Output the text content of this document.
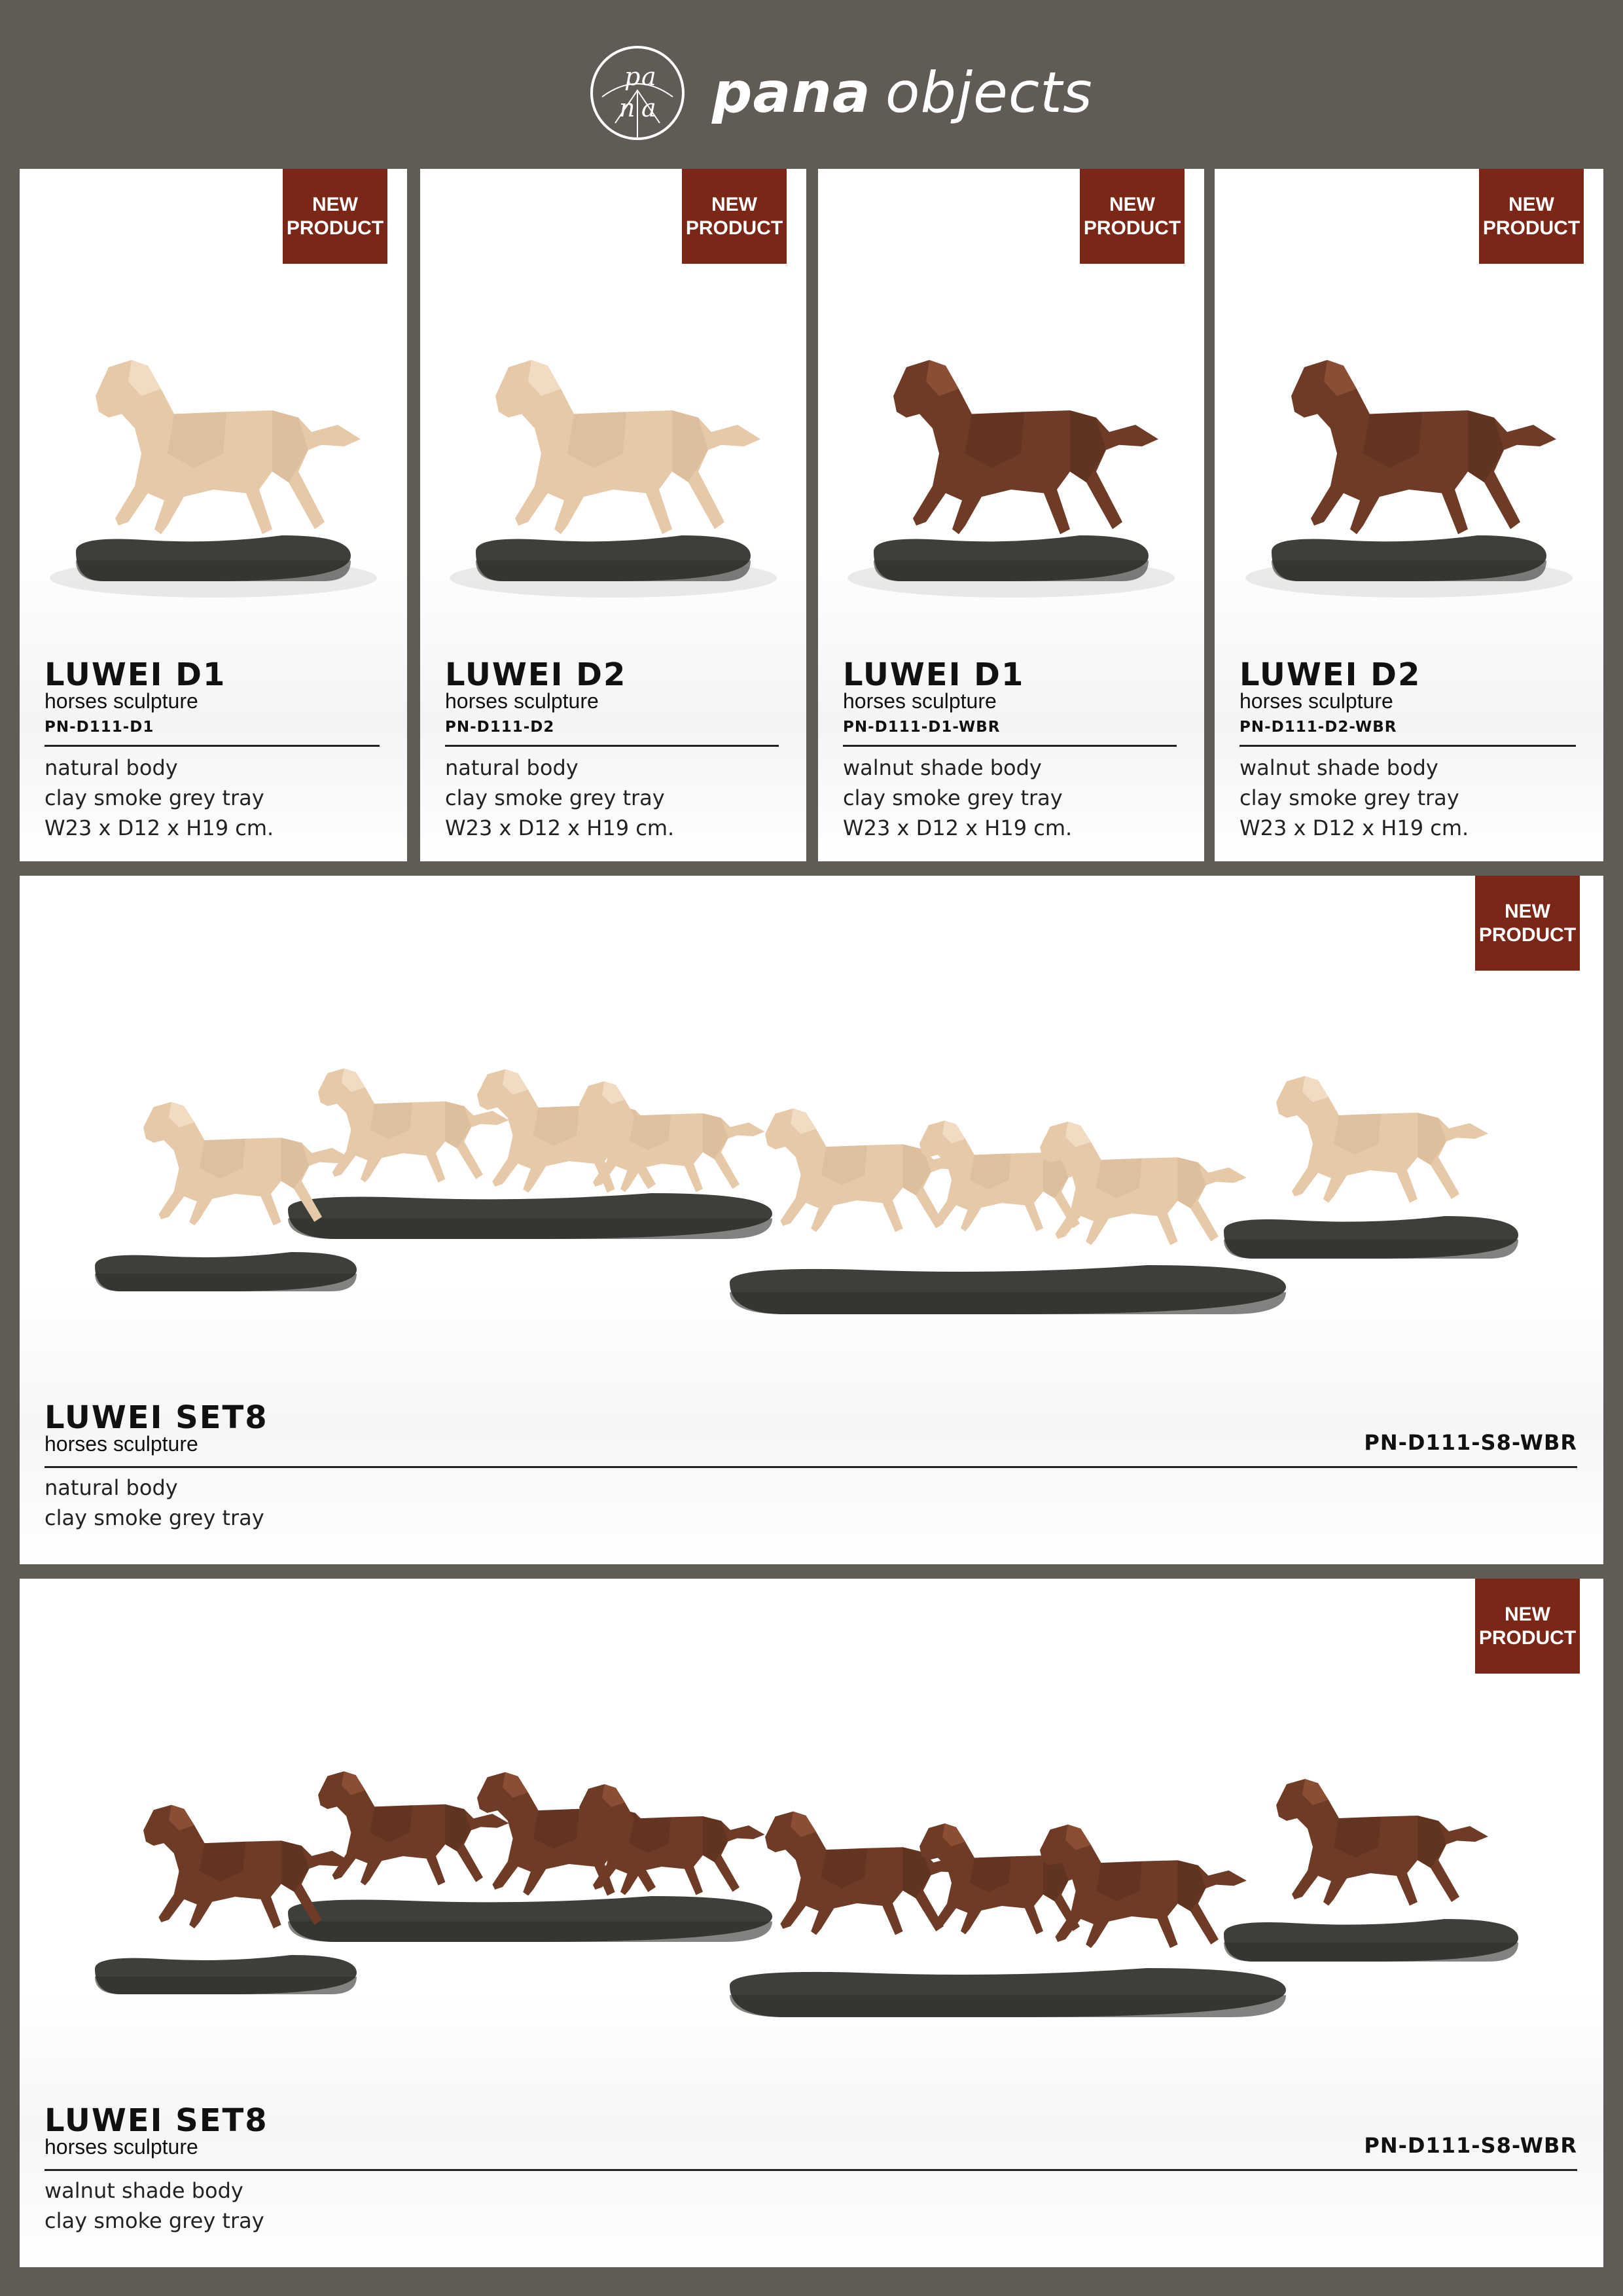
p a
n a pana objects
NEW
PRODUCT
LUWEI D1
horses sculpture
PN-D111-D1
natural body
clay smoke grey tray
W23 x D12 x H19 cm.
NEW
PRODUCT
LUWEI D2
horses sculpture
PN-D111-D2
natural body
clay smoke grey tray
W23 x D12 x H19 cm.
NEW
PRODUCT
LUWEI D1
horses sculpture
PN-D111-D1-WBR
walnut shade body
clay smoke grey tray
W23 x D12 x H19 cm.
NEW
PRODUCT
LUWEI D2
horses sculpture
PN-D111-D2-WBR
walnut shade body
clay smoke grey tray
W23 x D12 x H19 cm.
NEW
PRODUCT
LUWEI SET8
horses sculpture	PN-D111-S8-WBR
natural body
clay smoke grey tray
NEW
PRODUCT
LUWEI SET8
horses sculpture	PN-D111-S8-WBR
walnut shade body
clay smoke grey tray
